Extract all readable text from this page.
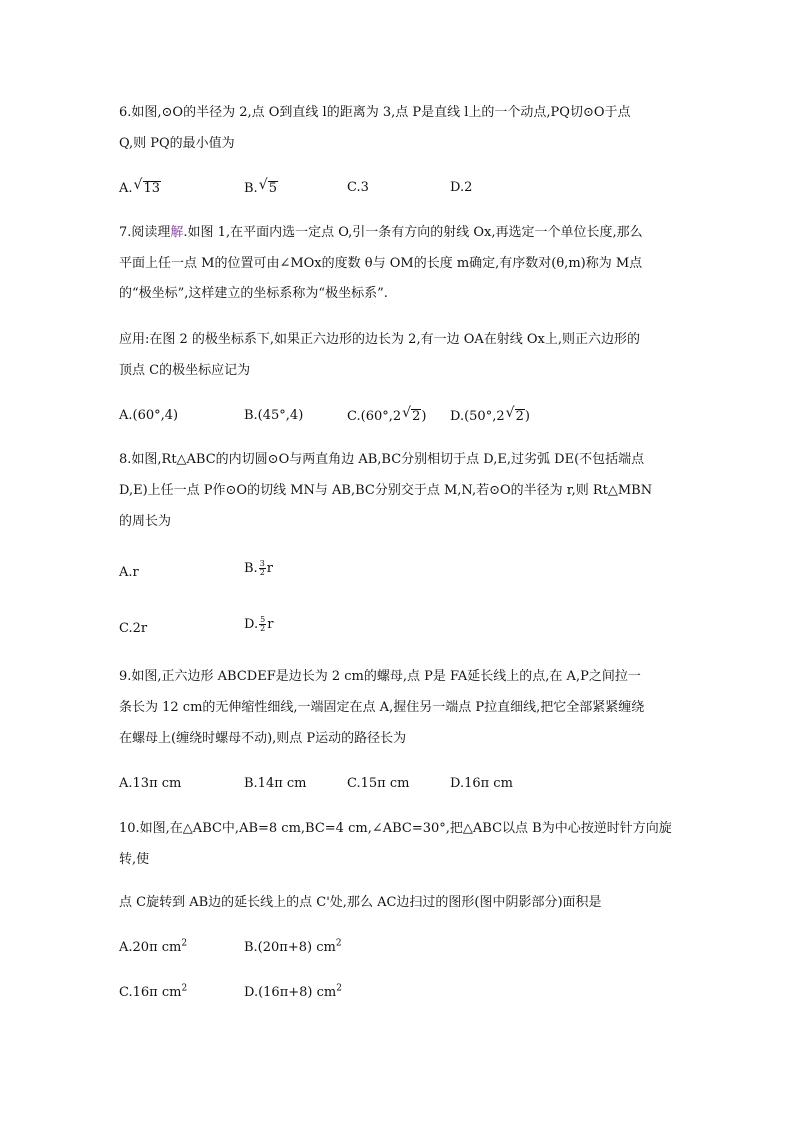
6.如图,⊙O的半径为 2,点 O到直线 l的距离为 3,点 P是直线 l上的一个动点,PQ切⊙O于点
Q,则 PQ的最小值为
A. √ 13	B. √ 5	C.3	D.2
7.阅读理解.如图 1,在平面内选一定点 O,引一条有方向的射线 Ox,再选定一个单位长度,那么
平面上任一点 M的位置可由∠MOx的度数 θ与 OM的长度 m确定,有序数对(θ,m)称为 M点
的“极坐标”,这样建立的坐标系称为“极坐标系”.
应用:在图 2 的极坐标系下,如果正六边形的边长为 2,有一边 OA在射线 Ox上,则正六边形的
顶点 C的极坐标应记为
A.(60°,4)	B.(45°,4)	C.(60°,2 √ 2) D.(50°,2 √ 2)
8.如图,Rt△ABC的内切圆⊙O与两直角边 AB,BC分别相切于点 D,E,过劣弧 DE(不包括端点
D,E)上任一点 P作⊙O的切线 MN与 AB,BC分别交于点 M,N,若⊙O的半径为 r,则 Rt△MBN
的周长为
A.r	B. $\frac{3}{2}$ r
C.2r	D. $\frac{5}{2}$ r
9.如图,正六边形 ABCDEF是边长为 2 cm的螺母,点 P是 FA延长线上的点,在 A,P之间拉一
条长为 12 cm的无伸缩性细线,一端固定在点 A,握住另一端点 P拉直细线,把它全部紧紧缠绕
在螺母上(缠绕时螺母不动),则点 P运动的路径长为
A.13π cm	B.14π cm	C.15π cm	D.16π cm
10.如图,在△ABC中,AB=8 cm,BC=4 cm,∠ABC=30°,把△ABC以点 B为中心按逆时针方向旋
转,使
点 C旋转到 AB边的延长线上的点 C'处,那么 AC边扫过的图形(图中阴影部分)面积是
A.20π $cm^2$	B.(20π+8) $cm^2$
C.16π $cm^2$	D.(16π+8) $cm^2$
